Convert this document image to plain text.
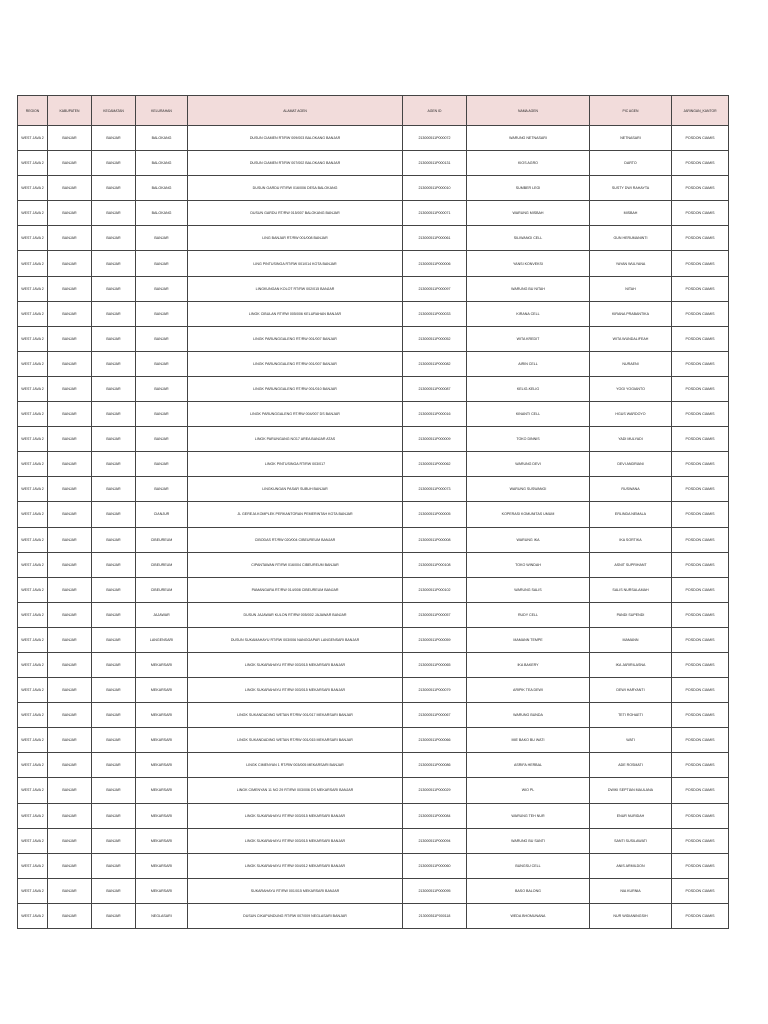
REGION	KABUPATEN	KECAMATAN	KELURAHAN	ALAMAT AGEN	AGEN ID	NAMA AGEN	PIC AGEN	JARINGAN_KANTOR
WEST JAVA 2	BANJAR	BANJAR	BALOKANG	DUSUN CIAMEN RT/RW 009/003 BALOKANG BANJAR	213000511P000072	WARUNG NETNASARI	NETNASARI	POSDON CIAMIS
WEST JAVA 2	BANJAR	BANJAR	BALOKANG	DUSUN CIAMEN RT/RW 007/002 BALOKANG BANJAR	213000511P000131	KIOS AGRO	DARTO	POSDON CIAMIS
WEST JAVA 2	BANJAR	BANJAR	BALOKANG	DUSUN GARDU RT/RW 016/006 DESA BALOKANG	213000511P000010	SUMBER LEGI	SUSTY DWI RAHAYTA	POSDON CIAMIS
WEST JAVA 2	BANJAR	BANJAR	BALOKANG	DUSUN GARDU RT/RW 015/007 BALOKANG BANJAR	213000511P000071	WARUNG MISBAH	MISBAH	POSDON CIAMIS
WEST JAVA 2	BANJAR	BANJAR	BANJAR	LING BANJAR RT/RW 001/008 BANJAR	213000511P000061	SILIWANGI CELL	GUN HERUMANINTI	POSDON CIAMIS
WEST JAVA 2	BANJAR	BANJAR	BANJAR	LING PINTUSINGA RT/RW 001/014 KOTA BANJAR	213000511P000006	YANSI KONVEKSI	YAYAN WULYANA	POSDON CIAMIS
WEST JAVA 2	BANJAR	BANJAR	BANJAR	LINGKUNGAN KOLOT RT/RW 002/015 BANJAR	213000511P000097	WARUNG BU NITAH	NITAH	POSDON CIAMIS
WEST JAVA 2	BANJAR	BANJAR	BANJAR	LINGK CIBULAN RT/RW 005/006 KELURAHAN BANJAR	213000511P000033	KIRANA CELL	KIRANA PRABANTIKA	POSDON CIAMIS
WEST JAVA 2	BANJAR	BANJAR	BANJAR	LINGK PARUNGGALENG RT/RW 001/007 BANJAR	213000511P000052	WITA KREDIT	WITA WUNDALIFEAH	POSDON CIAMIS
WEST JAVA 2	BANJAR	BANJAR	BANJAR	LINGK PARUNGGALENG RT/RW 001/007 BANJAR	213000511P000082	AIRIN CELL	NURAENI	POSDON CIAMIS
WEST JAVA 2	BANJAR	BANJAR	BANJAR	LINGK PARUNGGALENG RT/RW 001/010 BANJAR	213000511P000087	KELIG-KELIG	YOGI YOGIANTO	POSDON CIAMIS
WEST JAVA 2	BANJAR	BANJAR	BANJAR	LINGK PARUNGGALENG RT/RW 004/007 DS BANJAR	213000511P000016	KINANTI CELL	HGUS WARDOYO	POSDON CIAMIS
WEST JAVA 2	BANJAR	BANJAR	BANJAR	LINGK PARUNGANG NO17 AREA BANJAR ATAS	213000511P000009	TOKO DINNIS	YADI MULYADI	POSDON CIAMIS
WEST JAVA 2	BANJAR	BANJAR	BANJAR	LINGK PINTUSINGA RT/RW 003/017	213000511P000062	WARUNG DEVI	DEVI ANDRIANI	POSDON CIAMIS
WEST JAVA 2	BANJAR	BANJAR	BANJAR	LINGKUNGAN PASAR SUBUH BANJAR	213000511P000073	WARUNG SUSWANGI	RUSWANA	POSDON CIAMIS
WEST JAVA 2	BANJAR	BANJAR	CIANJUR	JL GEREJA KOMPLEK PERKANTORAN PEMERINTAH KOTA BANJAR	213000511P000005	KOPERASI KOMUNITAS UMUM	ERLINDA NEMALA	POSDON CIAMIS
WEST JAVA 2	BANJAR	BANJAR	CIBEUREUM	CIBODAS RT/RW 020/004 CIBEUREUM BANJAR	213000511P000008	WARUNG IKA	IKA SORTIKA	POSDON CIAMIS
WEST JAVA 2	BANJAR	BANJAR	CIBEUREUM	CIPANTAWAN RT/RW 016/004 CIBEUREUM BANJAR	213000511P000108	TOKO WINDAH	ASNIT SUPRIHANT	POSDON CIAMIS
WEST JAVA 2	BANJAR	BANJAR	CIBEUREUM	PAMANGARA RT/RW 014/008 CIBEUREUM BANJAR	213000511P000102	WARUNG SALIS	SALIS NURSALAMAH	POSDON CIAMIS
WEST JAVA 2	BANJAR	BANJAR	JAJAWAR	DUSUN JAJAWAR KULON RT/RW 005/002 JAJAWAR BANJAR	213000511P000057	RUDY CELL	PANDI SUPENDI	POSDON CIAMIS
WEST JAVA 2	BANJAR	BANJAR	LANGENSARI	DUSUN SUKAMAHAYU RT/RW 003/006 NANGGAPAR LANGENSARI BANJAR	213000511P000059	MAMANN TEMPE	MAMANN	POSDON CIAMIS
WEST JAVA 2	BANJAR	BANJAR	MEKARSARI	LINGK SUKARAHAYU RT/RW 003/015 MEKARSARI BANJAR	213000511P000065	IKA BAKERY	IKA JARIRILASNA	POSDON CIAMIS
WEST JAVA 2	BANJAR	BANJAR	MEKARSARI	LINGK SUKARAHAYU RT/RW 003/015 MEKARSARI BANJAR	213000511P000079	ARIPIK TEA DEWI	DEWI HARYANTI	POSDON CIAMIS
WEST JAVA 2	BANJAR	BANJAR	MEKARSARI	LINGK SUKANDADING WETAN RT/RW 001/017 MEKARSARI BANJAR	213000511P000067	WARUNG BUNDA	TETI ROHAETI	POSDON CIAMIS
WEST JAVA 2	BANJAR	BANJAR	MEKARSARI	LINGK SUKANDADING WETAN RT/RW 001/015 MEKARSARI BANJAR	213000511P000066	MIE BAKO BU WATI	WATI	POSDON CIAMIS
WEST JAVA 2	BANJAR	BANJAR	MEKARSARI	LINGK CIMENYAN 1 RT/RW 003/005 MEKARSARI BANJAR	213000511P000086	ASRIFA HERBAL	ADE ROSMATI	POSDON CIAMIS
WEST JAVA 2	BANJAR	BANJAR	MEKARSARI	LINGK CIMENYAN 11 NO 29 RT/RW 003/006 DS MEKARSARI BANJAR	213000511P000029	WIO PL	DWIKI SEPTIAN MAULANA	POSDON CIAMIS
WEST JAVA 2	BANJAR	BANJAR	MEKARSARI	LINGK SUKARAHAYU RT/RW 003/015 MEKARSARI BANJAR	213000511P000084	WARUNG TEH NUR	ENUR NURIDAH	POSDON CIAMIS
WEST JAVA 2	BANJAR	BANJAR	MEKARSARI	LINGK SUKARAHAYU RT/RW 003/015 MEKARSARI BANJAR	213000511P000094	WARUNG BU SANTI	SANTI SUSILAWATI	POSDON CIAMIS
WEST JAVA 2	BANJAR	BANJAR	MEKARSARI	LINGK SUKARAHAYU RT/RW 004/012 MEKARSARI BANJAR	213000511P000060	BUNGSU CELL	ANIS ARMILDON	POSDON CIAMIS
WEST JAVA 2	BANJAR	BANJAR	MEKARSARI	SUKARAHAYU RT/RW 001/015 MEKARSARI BANJAR	213000511P000095	BASO BALONG	NIA KURNIA	POSDON CIAMIS
WEST JAVA 2	BANJAR	BANJAR	NEGLASARI	DUSUN CIKAPUNDUNG RT/RW 007/009 NEGLASARI BANJAR	213000511P000118	WEDA BHOMUNANA	NUR WIDIANINGSIH	POSDON CIAMIS
